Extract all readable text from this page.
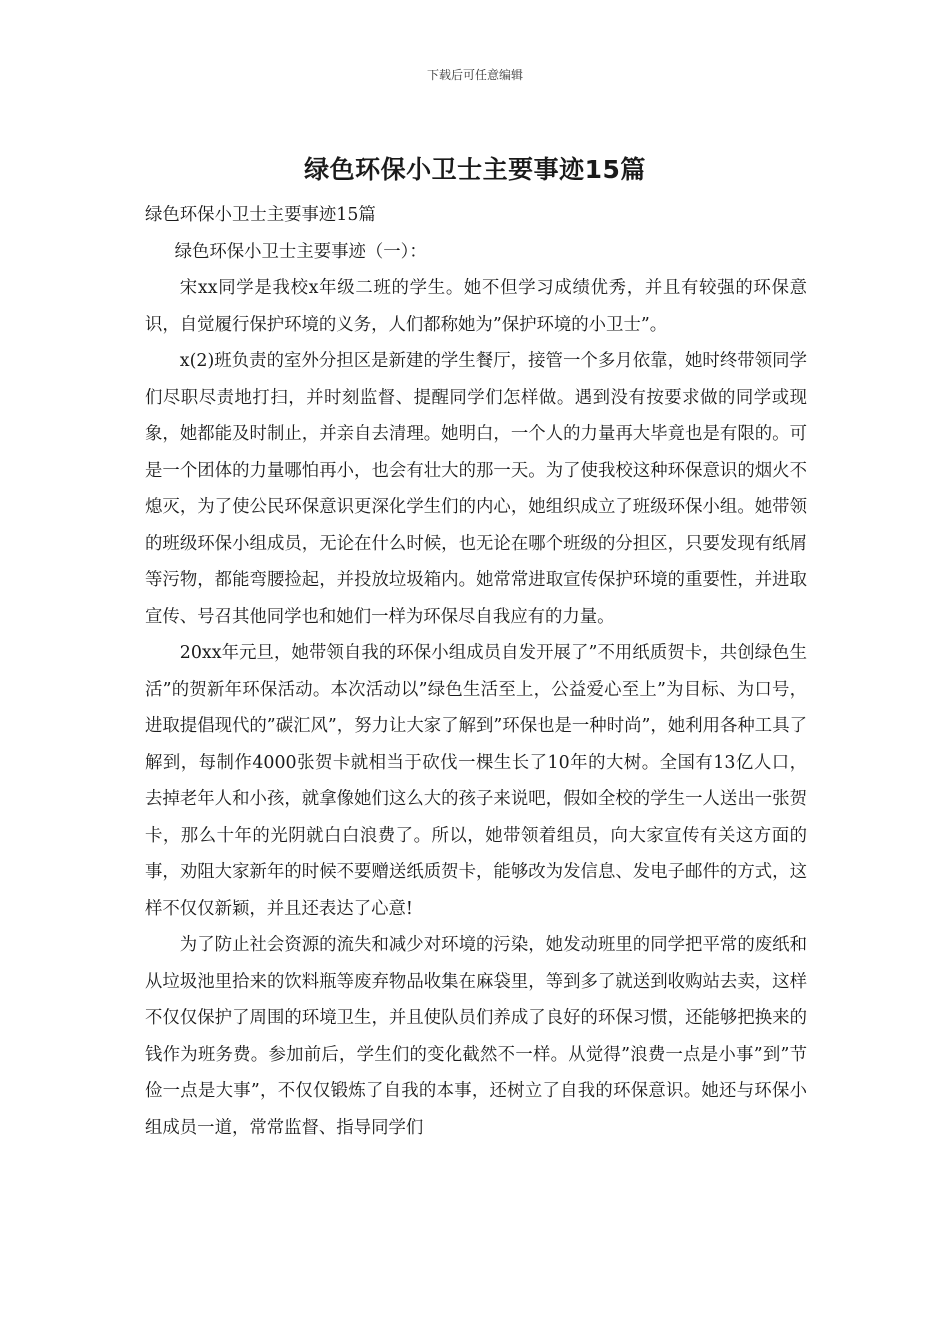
下载后可任意编辑
绿色环保小卫士主要事迹15篇

绿色环保小卫士主要事迹15篇

绿色环保小卫士主要事迹（一）：

宋xx同学是我校x年级二班的学生。她不但学习成绩优秀，并且有较强的环保意识，自觉履行保护环境的义务，人们都称她为”保护环境的小卫士”。

x(2)班负责的室外分担区是新建的学生餐厅，接管一个多月依靠，她时终带领同学们尽职尽责地打扫，并时刻监督、提醒同学们怎样做。遇到没有按要求做的同学或现象，她都能及时制止，并亲自去清理。她明白，一个人的力量再大毕竟也是有限的。可是一个团体的力量哪怕再小，也会有壮大的那一天。为了使我校这种环保意识的烟火不熄灭，为了使公民环保意识更深化学生们的内心，她组织成立了班级环保小组。她带领的班级环保小组成员，无论在什么时候，也无论在哪个班级的分担区，只要发现有纸屑等污物，都能弯腰捡起，并投放垃圾箱内。她常常进取宣传保护环境的重要性，并进取宣传、号召其他同学也和她们一样为环保尽自我应有的力量。

20xx年元旦，她带领自我的环保小组成员自发开展了”不用纸质贺卡，共创绿色生活”的贺新年环保活动。本次活动以”绿色生活至上，公益爱心至上”为目标、为口号，进取提倡现代的”碳汇风”，努力让大家了解到”环保也是一种时尚”，她利用各种工具了解到，每制作4000张贺卡就相当于砍伐一棵生长了10年的大树。全国有13亿人口，去掉老年人和小孩，就拿像她们这么大的孩子来说吧，假如全校的学生一人送出一张贺卡，那么十年的光阴就白白浪费了。所以，她带领着组员，向大家宣传有关这方面的事，劝阻大家新年的时候不要赠送纸质贺卡，能够改为发信息、发电子邮件的方式，这样不仅仅新颖，并且还表达了心意!

为了防止社会资源的流失和减少对环境的污染，她发动班里的同学把平常的废纸和从垃圾池里拾来的饮料瓶等废弃物品收集在麻袋里，等到多了就送到收购站去卖，这样不仅仅保护了周围的环境卫生，并且使队员们养成了良好的环保习惯，还能够把换来的钱作为班务费。参加前后，学生们的变化截然不一样。从觉得”浪费一点是小事”到”节俭一点是大事”，不仅仅锻炼了自我的本事，还树立了自我的环保意识。她还与环保小组成员一道，常常监督、指导同学们
